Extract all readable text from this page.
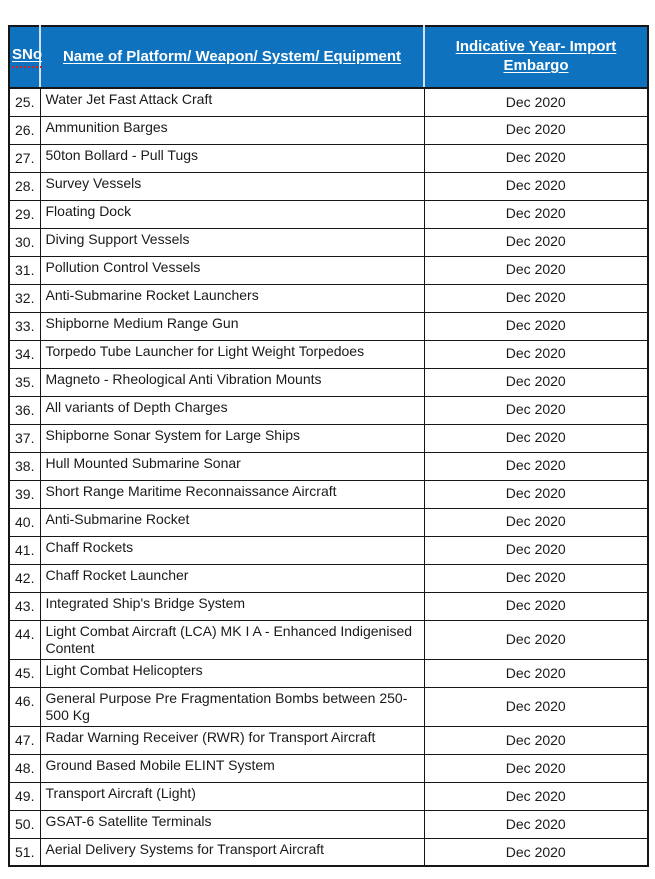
SNo	Name of Platform/ Weapon/ System/ Equipment	Indicative Year- Import Embargo
25.	Water Jet Fast Attack Craft	Dec 2020
26.	Ammunition Barges	Dec 2020
27.	50ton Bollard - Pull Tugs	Dec 2020
28.	Survey Vessels	Dec 2020
29.	Floating Dock	Dec 2020
30.	Diving Support Vessels	Dec 2020
31.	Pollution Control Vessels	Dec 2020
32.	Anti-Submarine Rocket Launchers	Dec 2020
33.	Shipborne Medium Range Gun	Dec 2020
34.	Torpedo Tube Launcher for Light Weight Torpedoes	Dec 2020
35.	Magneto - Rheological Anti Vibration Mounts	Dec 2020
36.	All variants of Depth Charges	Dec 2020
37.	Shipborne Sonar System for Large Ships	Dec 2020
38.	Hull Mounted Submarine Sonar	Dec 2020
39.	Short Range Maritime Reconnaissance Aircraft	Dec 2020
40.	Anti-Submarine Rocket	Dec 2020
41.	Chaff Rockets	Dec 2020
42.	Chaff Rocket Launcher	Dec 2020
43.	Integrated Ship's Bridge System	Dec 2020
44.	Light Combat Aircraft (LCA) MK I A - Enhanced Indigenised Content	Dec 2020
45.	Light Combat Helicopters	Dec 2020
46.	General Purpose Pre Fragmentation Bombs between 250-500 Kg	Dec 2020
47.	Radar Warning Receiver (RWR) for Transport Aircraft	Dec 2020
48.	Ground Based Mobile ELINT System	Dec 2020
49.	Transport Aircraft (Light)	Dec 2020
50.	GSAT-6 Satellite Terminals	Dec 2020
51.	Aerial Delivery Systems for Transport Aircraft	Dec 2020
